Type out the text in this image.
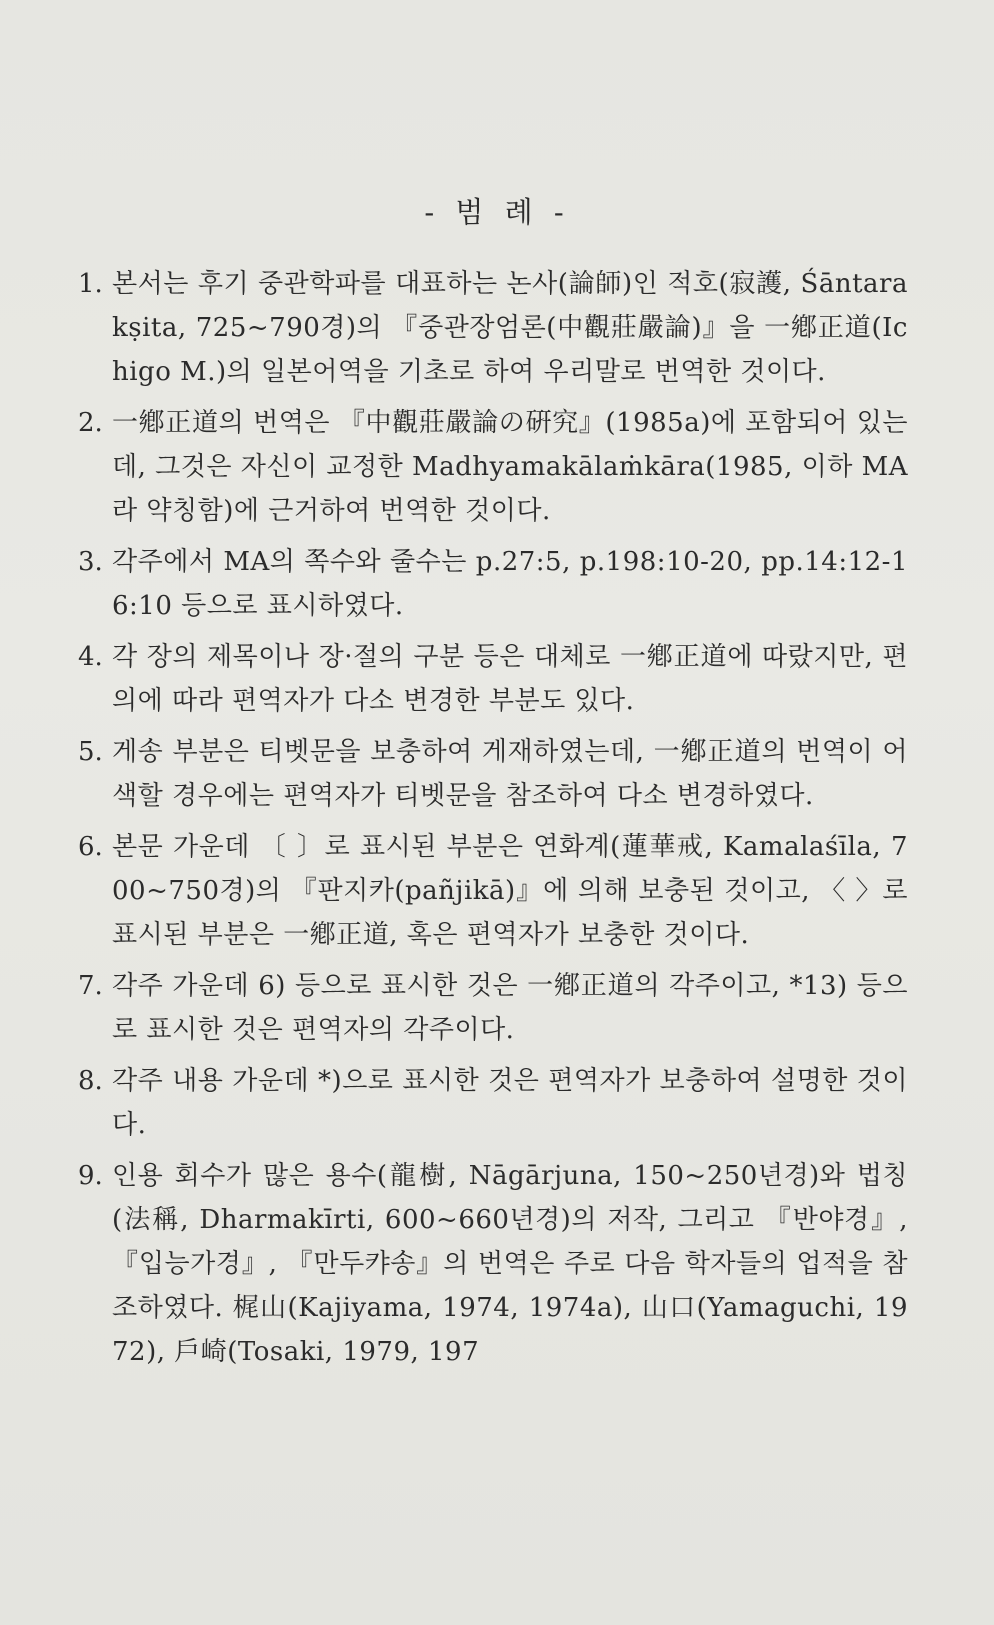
- 범 례 -
1. 본서는 후기 중관학파를 대표하는 논사(論師)인 적호(寂護, Śāntarakṣita, 725~790경)의 『중관장엄론(中觀莊嚴論)』을 一鄕正道(Ichigo M.)의 일본어역을 기초로 하여 우리말로 번역한 것이다.
2. 一鄕正道의 번역은 『中觀莊嚴論の硏究』(1985a)에 포함되어 있는데, 그것은 자신이 교정한 Madhyamakālaṁkāra(1985, 이하 MA라 약칭함)에 근거하여 번역한 것이다.
3. 각주에서 MA의 쪽수와 줄수는 p.27:5, p.198:10-20, pp.14:12-16:10 등으로 표시하였다.
4. 각 장의 제목이나 장·절의 구분 등은 대체로 一鄕正道에 따랐지만, 편의에 따라 편역자가 다소 변경한 부분도 있다.
5. 게송 부분은 티벳문을 보충하여 게재하였는데, 一鄕正道의 번역이 어색할 경우에는 편역자가 티벳문을 참조하여 다소 변경하였다.
6. 본문 가운데 〔 〕로 표시된 부분은 연화계(蓮華戒, Kamalaśīla, 700~750경)의 『판지카(pañjikā)』에 의해 보충된 것이고, 〈 〉로 표시된 부분은 一鄕正道, 혹은 편역자가 보충한 것이다.
7. 각주 가운데 6) 등으로 표시한 것은 一鄕正道의 각주이고, *13) 등으로 표시한 것은 편역자의 각주이다.
8. 각주 내용 가운데 *)으로 표시한 것은 편역자가 보충하여 설명한 것이다.
9. 인용 회수가 많은 용수(龍樹, Nāgārjuna, 150~250년경)와 법칭(法稱, Dharmakīrti, 600~660년경)의 저작, 그리고 『반야경』, 『입능가경』, 『만두캬송』의 번역은 주로 다음 학자들의 업적을 참조하였다. 梶山(Kajiyama, 1974, 1974a), 山口(Yamaguchi, 1972), 戶崎(Tosaki, 1979, 197
